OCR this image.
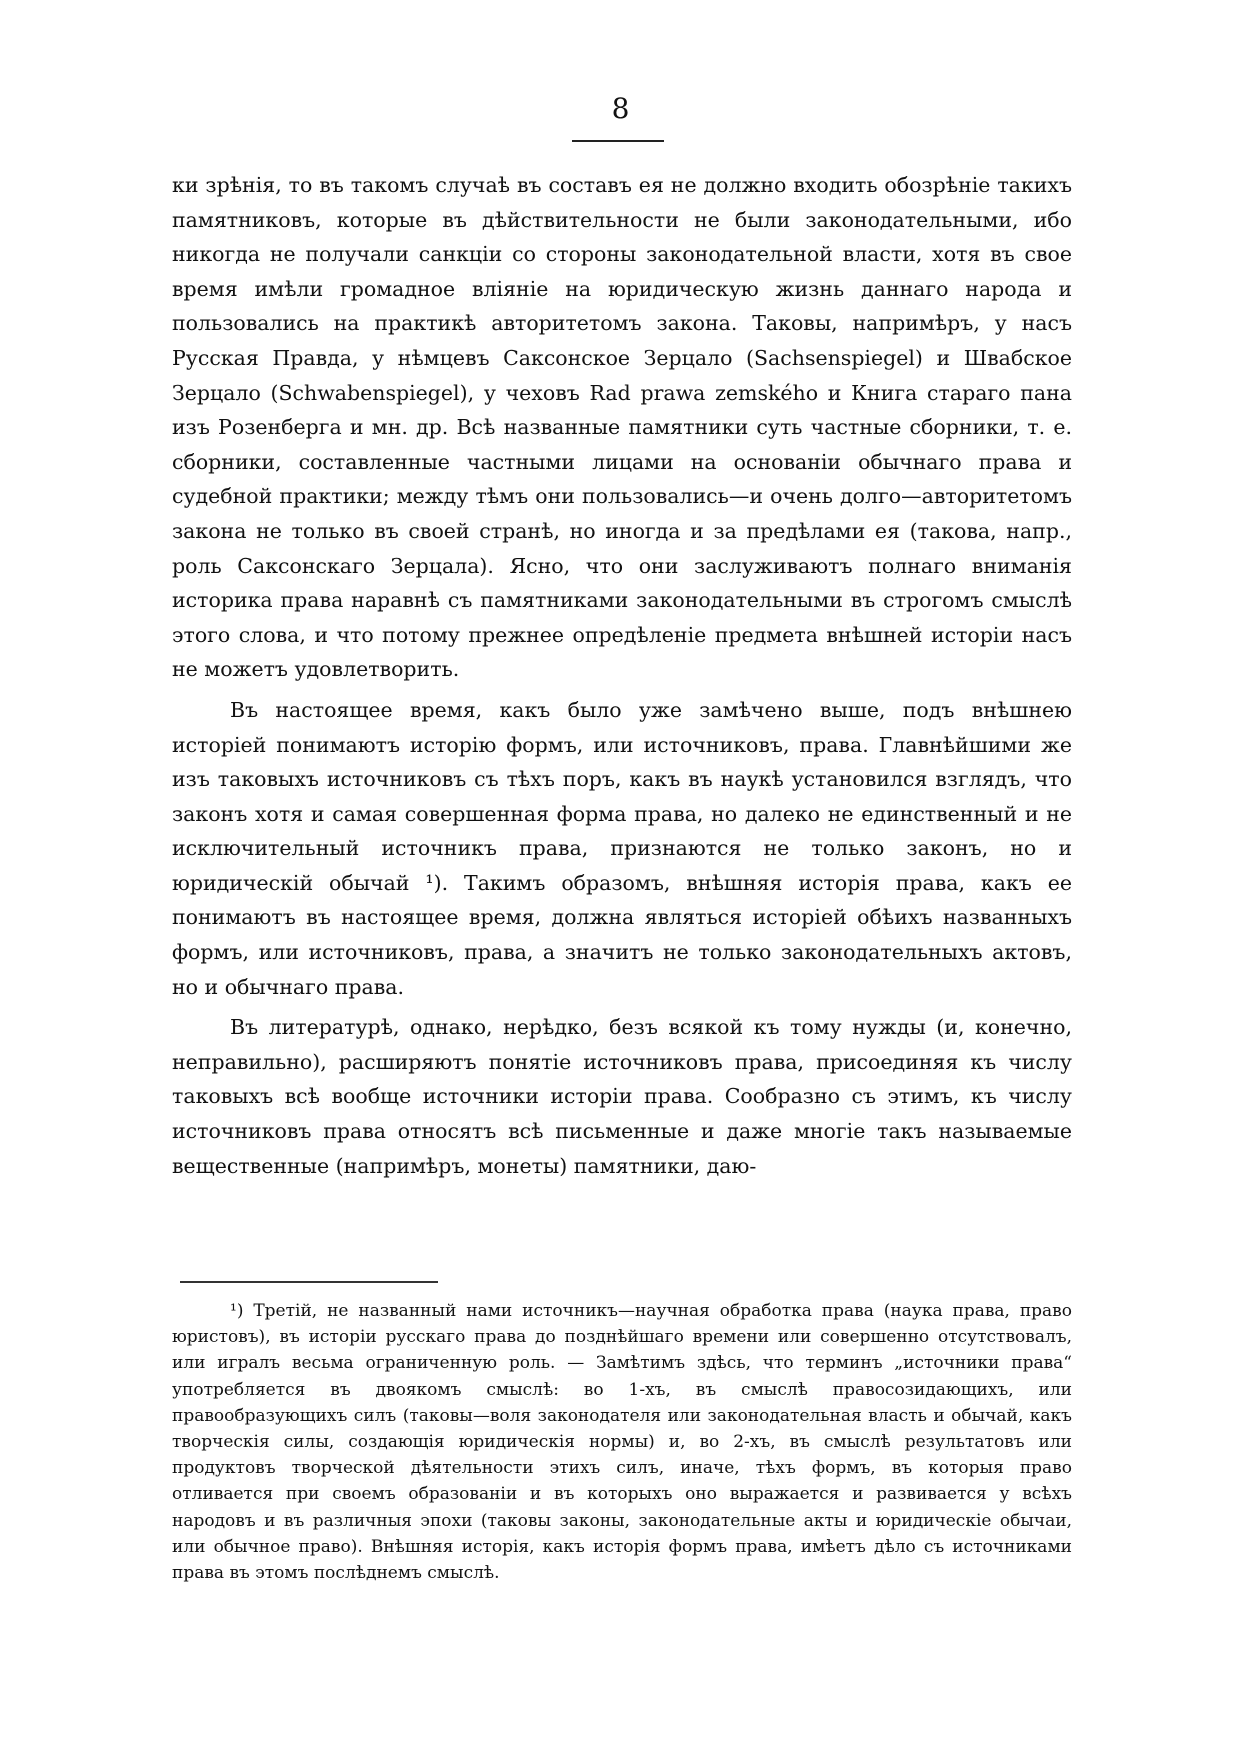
8

ки зрѣнія, то въ такомъ случаѣ въ составъ ея не должно входить обозрѣніе такихъ памятниковъ, которые въ дѣйствительности не были законодательными, ибо никогда не получали санкціи со стороны законодательной власти, хотя въ свое время имѣли громадное вліяніе на юридическую жизнь даннаго народа и пользовались на практикѣ авторитетомъ закона. Таковы, напримѣръ, у насъ Русская Правда, у нѣмцевъ Саксонское Зерцало (Sachsenspiegel) и Швабское Зерцало (Schwabenspiegel), у чеховъ Rad prawa zemského и Книга стараго пана изъ Розенберга и мн. др. Всѣ названные памятники суть частные сборники, т. е. сборники, составленные частными лицами на основаніи обычнаго права и судебной практики; между тѣмъ они пользовались—и очень долго—авторитетомъ закона не только въ своей странѣ, но иногда и за предѣлами ея (такова, напр., роль Саксонскаго Зерцала). Ясно, что они заслуживаютъ полнаго вниманія историка права наравнѣ съ памятниками законодательными въ строгомъ смыслѣ этого слова, и что потому прежнее опредѣленіе предмета внѣшней исторіи насъ не можетъ удовлетворить.

Въ настоящее время, какъ было уже замѣчено выше, подъ внѣшнею исторіей понимаютъ исторію формъ, или источниковъ, права. Главнѣйшими же изъ таковыхъ источниковъ съ тѣхъ поръ, какъ въ наукѣ установился взглядъ, что законъ хотя и самая совершенная форма права, но далеко не единственный и не исключительный источникъ права, признаются не только законъ, но и юридическій обычай ¹). Такимъ образомъ, внѣшняя исторія права, какъ ее понимаютъ въ настоящее время, должна являться исторіей обѣихъ названныхъ формъ, или источниковъ, права, а значитъ не только законодательныхъ актовъ, но и обычнаго права.

Въ литературѣ, однако, нерѣдко, безъ всякой къ тому нужды (и, конечно, неправильно), расширяютъ понятіе источниковъ права, присоединяя къ числу таковыхъ всѣ вообще источники исторіи права. Сообразно съ этимъ, къ числу источниковъ права относятъ всѣ письменные и даже многіе такъ называемые вещественные (напримѣръ, монеты) памятники, даю-

¹) Третій, не названный нами источникъ—научная обработка права (наука права, право юристовъ), въ исторіи русскаго права до позднѣйшаго времени или совершенно отсутствовалъ, или игралъ весьма ограниченную роль. — Замѣтимъ здѣсь, что терминъ „источники права“ употребляется въ двоякомъ смыслѣ: во 1-хъ, въ смыслѣ правосозидающихъ, или правообразующихъ силъ (таковы—воля законодателя или законодательная власть и обычай, какъ творческія силы, создающія юридическія нормы) и, во 2-хъ, въ смыслѣ результатовъ или продуктовъ творческой дѣятельности этихъ силъ, иначе, тѣхъ формъ, въ которыя право отливается при своемъ образованіи и въ которыхъ оно выражается и развивается у всѣхъ народовъ и въ различныя эпохи (таковы законы, законодательные акты и юридическіе обычаи, или обычное право). Внѣшняя исторія, какъ исторія формъ права, имѣетъ дѣло съ источниками права въ этомъ послѣднемъ смыслѣ.
